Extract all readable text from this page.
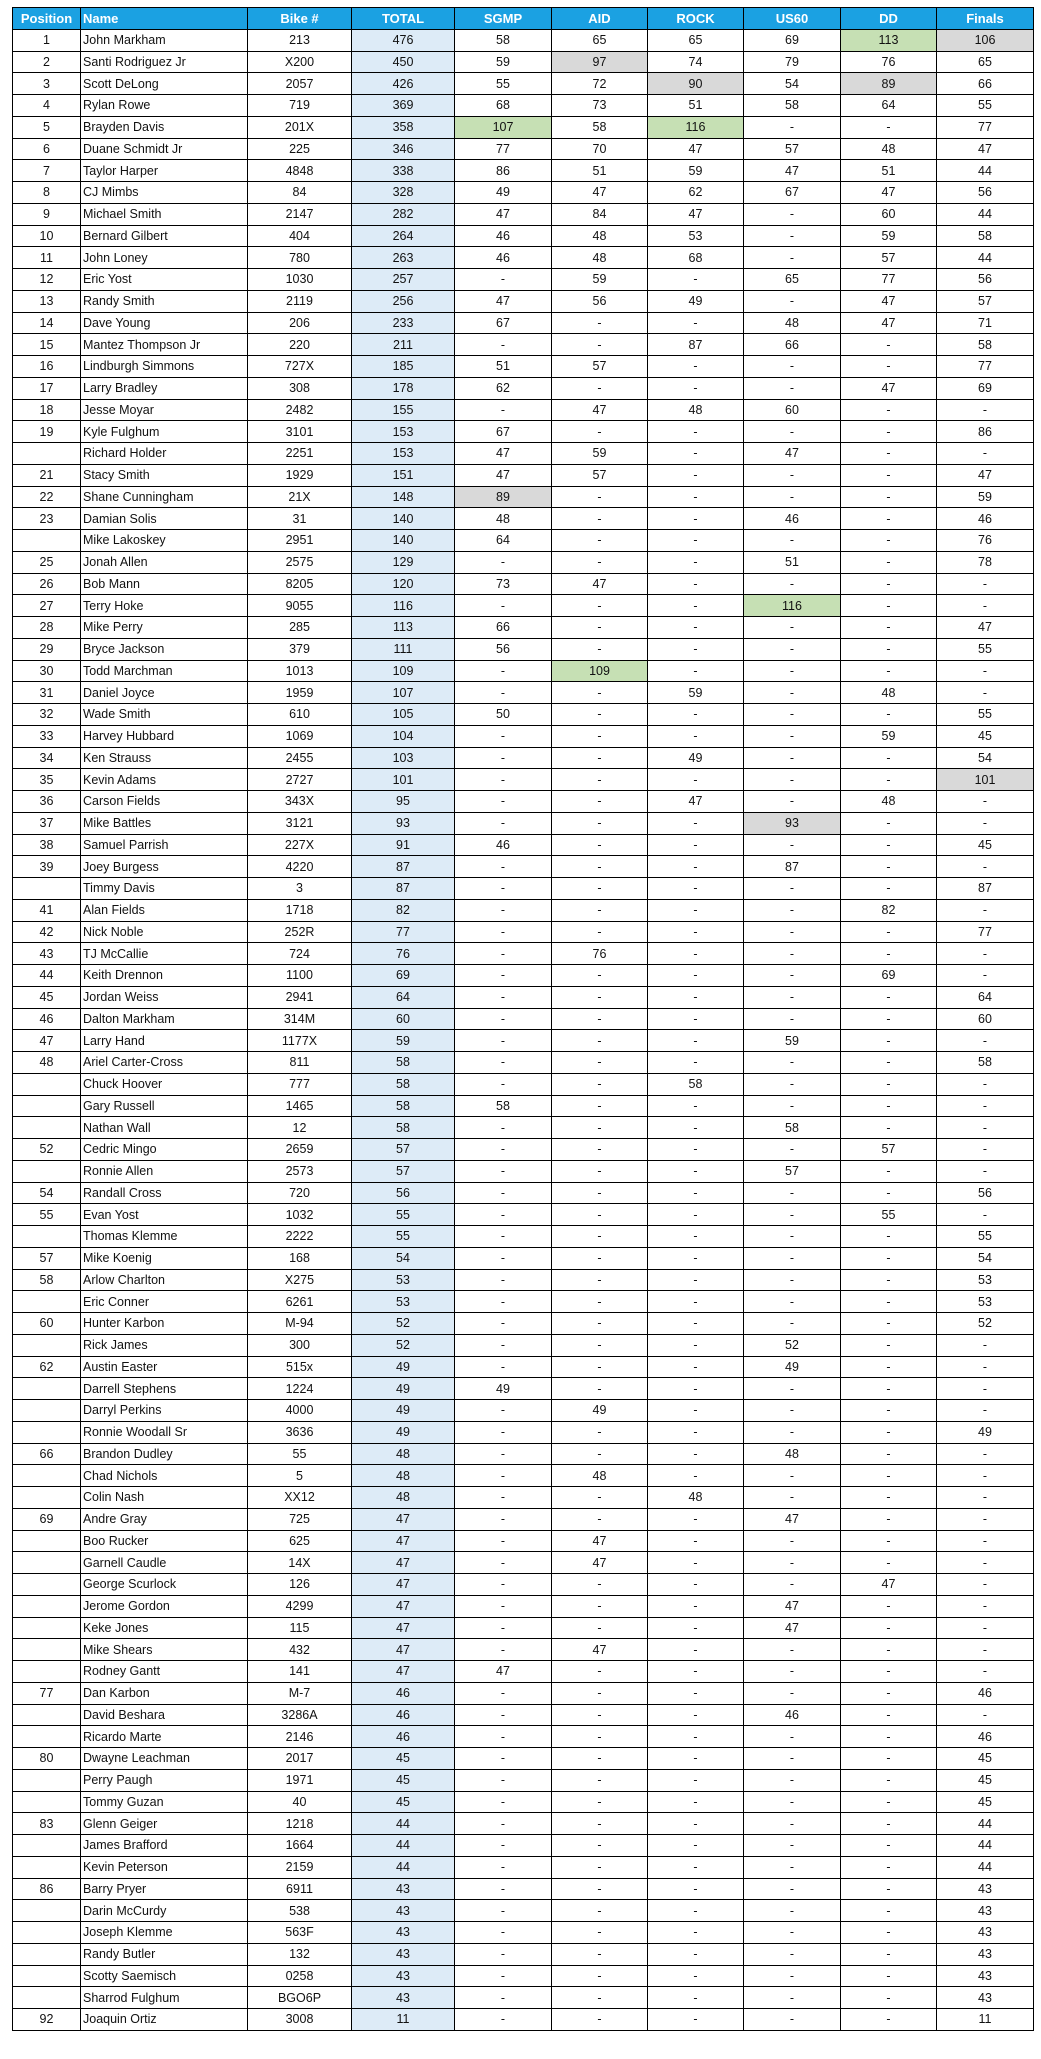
Position	Name	Bike #	TOTAL	SGMP	AID	ROCK	US60	DD	Finals
1	John Markham	213	476	58	65	65	69	113	106
2	Santi Rodriguez Jr	X200	450	59	97	74	79	76	65
3	Scott DeLong	2057	426	55	72	90	54	89	66
4	Rylan Rowe	719	369	68	73	51	58	64	55
5	Brayden Davis	201X	358	107	58	116	-	-	77
6	Duane Schmidt Jr	225	346	77	70	47	57	48	47
7	Taylor Harper	4848	338	86	51	59	47	51	44
8	CJ Mimbs	84	328	49	47	62	67	47	56
9	Michael Smith	2147	282	47	84	47	-	60	44
10	Bernard Gilbert	404	264	46	48	53	-	59	58
11	John Loney	780	263	46	48	68	-	57	44
12	Eric Yost	1030	257	-	59	-	65	77	56
13	Randy Smith	2119	256	47	56	49	-	47	57
14	Dave Young	206	233	67	-	-	48	47	71
15	Mantez Thompson Jr	220	211	-	-	87	66	-	58
16	Lindburgh Simmons	727X	185	51	57	-	-	-	77
17	Larry Bradley	308	178	62	-	-	-	47	69
18	Jesse Moyar	2482	155	-	47	48	60	-	-
19	Kyle Fulghum	3101	153	67	-	-	-	-	86
	Richard Holder	2251	153	47	59	-	47	-	-
21	Stacy Smith	1929	151	47	57	-	-	-	47
22	Shane Cunningham	21X	148	89	-	-	-	-	59
23	Damian Solis	31	140	48	-	-	46	-	46
	Mike Lakoskey	2951	140	64	-	-	-	-	76
25	Jonah Allen	2575	129	-	-	-	51	-	78
26	Bob Mann	8205	120	73	47	-	-	-	-
27	Terry Hoke	9055	116	-	-	-	116	-	-
28	Mike Perry	285	113	66	-	-	-	-	47
29	Bryce Jackson	379	111	56	-	-	-	-	55
30	Todd Marchman	1013	109	-	109	-	-	-	-
31	Daniel Joyce	1959	107	-	-	59	-	48	-
32	Wade Smith	610	105	50	-	-	-	-	55
33	Harvey Hubbard	1069	104	-	-	-	-	59	45
34	Ken Strauss	2455	103	-	-	49	-	-	54
35	Kevin Adams	2727	101	-	-	-	-	-	101
36	Carson Fields	343X	95	-	-	47	-	48	-
37	Mike Battles	3121	93	-	-	-	93	-	-
38	Samuel Parrish	227X	91	46	-	-	-	-	45
39	Joey Burgess	4220	87	-	-	-	87	-	-
	Timmy Davis	3	87	-	-	-	-	-	87
41	Alan Fields	1718	82	-	-	-	-	82	-
42	Nick Noble	252R	77	-	-	-	-	-	77
43	TJ McCallie	724	76	-	76	-	-	-	-
44	Keith Drennon	1100	69	-	-	-	-	69	-
45	Jordan Weiss	2941	64	-	-	-	-	-	64
46	Dalton Markham	314M	60	-	-	-	-	-	60
47	Larry Hand	1177X	59	-	-	-	59	-	-
48	Ariel Carter-Cross	811	58	-	-	-	-	-	58
	Chuck Hoover	777	58	-	-	58	-	-	-
	Gary Russell	1465	58	58	-	-	-	-	-
	Nathan Wall	12	58	-	-	-	58	-	-
52	Cedric Mingo	2659	57	-	-	-	-	57	-
	Ronnie Allen	2573	57	-	-	-	57	-	-
54	Randall Cross	720	56	-	-	-	-	-	56
55	Evan Yost	1032	55	-	-	-	-	55	-
	Thomas Klemme	2222	55	-	-	-	-	-	55
57	Mike Koenig	168	54	-	-	-	-	-	54
58	Arlow Charlton	X275	53	-	-	-	-	-	53
	Eric Conner	6261	53	-	-	-	-	-	53
60	Hunter Karbon	M-94	52	-	-	-	-	-	52
	Rick James	300	52	-	-	-	52	-	-
62	Austin Easter	515x	49	-	-	-	49	-	-
	Darrell Stephens	1224	49	49	-	-	-	-	-
	Darryl Perkins	4000	49	-	49	-	-	-	-
	Ronnie Woodall Sr	3636	49	-	-	-	-	-	49
66	Brandon Dudley	55	48	-	-	-	48	-	-
	Chad Nichols	5	48	-	48	-	-	-	-
	Colin Nash	XX12	48	-	-	48	-	-	-
69	Andre Gray	725	47	-	-	-	47	-	-
	Boo Rucker	625	47	-	47	-	-	-	-
	Garnell Caudle	14X	47	-	47	-	-	-	-
	George Scurlock	126	47	-	-	-	-	47	-
	Jerome Gordon	4299	47	-	-	-	47	-	-
	Keke Jones	115	47	-	-	-	47	-	-
	Mike Shears	432	47	-	47	-	-	-	-
	Rodney Gantt	141	47	47	-	-	-	-	-
77	Dan Karbon	M-7	46	-	-	-	-	-	46
	David Beshara	3286A	46	-	-	-	46	-	-
	Ricardo Marte	2146	46	-	-	-	-	-	46
80	Dwayne Leachman	2017	45	-	-	-	-	-	45
	Perry Paugh	1971	45	-	-	-	-	-	45
	Tommy Guzan	40	45	-	-	-	-	-	45
83	Glenn Geiger	1218	44	-	-	-	-	-	44
	James Brafford	1664	44	-	-	-	-	-	44
	Kevin Peterson	2159	44	-	-	-	-	-	44
86	Barry Pryer	6911	43	-	-	-	-	-	43
	Darin McCurdy	538	43	-	-	-	-	-	43
	Joseph Klemme	563F	43	-	-	-	-	-	43
	Randy Butler	132	43	-	-	-	-	-	43
	Scotty Saemisch	0258	43	-	-	-	-	-	43
	Sharrod Fulghum	BGO6P	43	-	-	-	-	-	43
92	Joaquin Ortiz	3008	11	-	-	-	-	-	11
